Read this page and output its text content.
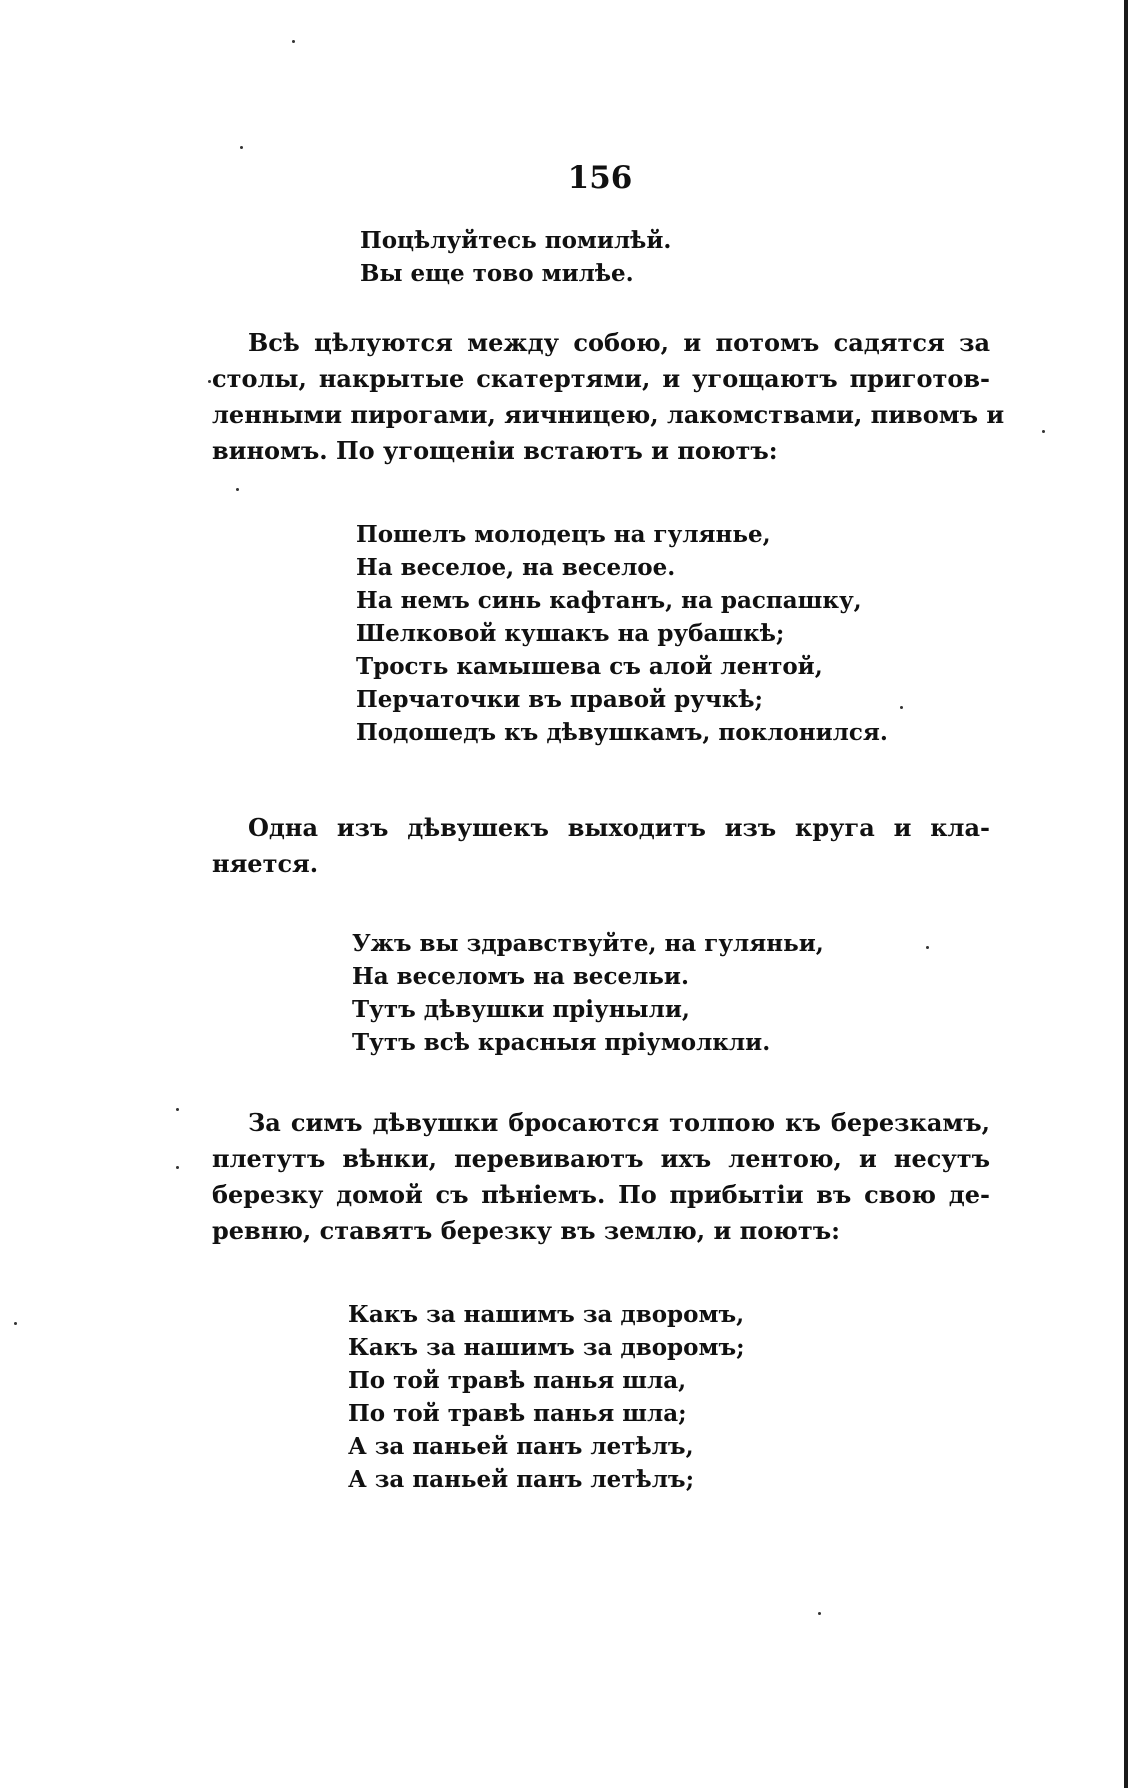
156
Поцѣлуйтесь помилѣй.
Вы еще тово милѣе.
Всѣ цѣлуются между собою, и потомъ садятся за
столы, накрытые скатертями, и угощаютъ приготов-
ленными пирогами, яичницею, лакомствами, пивомъ и
виномъ. По угощеніи встаютъ и поютъ:
Пошелъ молодецъ на гулянье,
На веселое, на веселое.
На немъ синь кафтанъ, на распашку,
Шелковой кушакъ на рубашкѣ;
Трость камышева съ алой лентой,
Перчаточки въ правой ручкѣ;
Подошедъ къ дѣвушкамъ, поклонился.
Одна изъ дѣвушекъ выходитъ изъ круга и кла-
няется.
Ужъ вы здравствуйте, на гуляньи,
На веселомъ на весельи.
Тутъ дѣвушки пріуныли,
Тутъ всѣ красныя пріумолкли.
За симъ дѣвушки бросаются толпою къ березкамъ,
плетутъ вѣнки, перевиваютъ ихъ лентою, и несутъ
березку домой съ пѣніемъ. По прибытіи въ свою де-
ревню, ставятъ березку въ землю, и поютъ:
Какъ за нашимъ за дворомъ,
Какъ за нашимъ за дворомъ;
По той травѣ панья шла,
По той травѣ панья шла;
А за паньей панъ летѣлъ,
А за паньей панъ летѣлъ;
